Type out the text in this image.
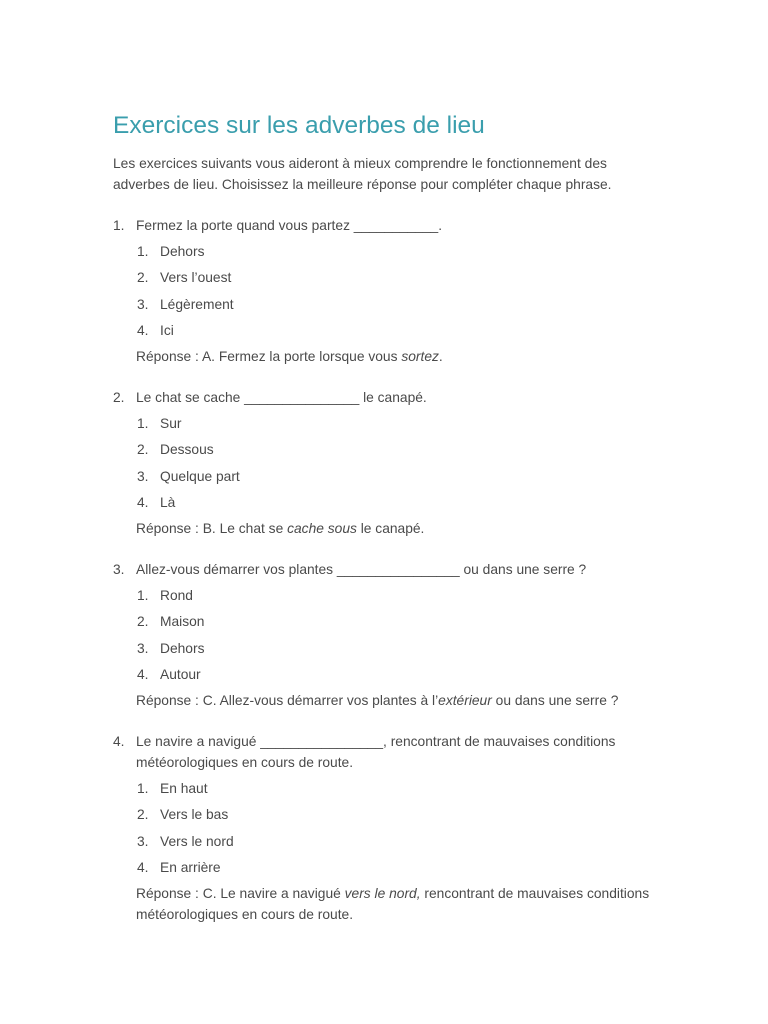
Exercices sur les adverbes de lieu

Les exercices suivants vous aideront à mieux comprendre le fonctionnement des adverbes de lieu. Choisissez la meilleure réponse pour compléter chaque phrase.

1. Fermez la porte quand vous partez ___________.
1. Dehors
2. Vers l’ouest
3. Légèrement
4. Ici
Réponse : A. Fermez la porte lorsque vous sortez.
2. Le chat se cache _______________ le canapé.
1. Sur
2. Dessous
3. Quelque part
4. Là
Réponse : B. Le chat se cache sous le canapé.
3. Allez-vous démarrer vos plantes ________________ ou dans une serre ?
1. Rond
2. Maison
3. Dehors
4. Autour
Réponse : C. Allez-vous démarrer vos plantes à l’extérieur ou dans une serre ?
4. Le navire a navigué ________________, rencontrant de mauvaises conditions météorologiques en cours de route.
1. En haut
2. Vers le bas
3. Vers le nord
4. En arrière
Réponse : C. Le navire a navigué vers le nord, rencontrant de mauvaises conditions météorologiques en cours de route.
